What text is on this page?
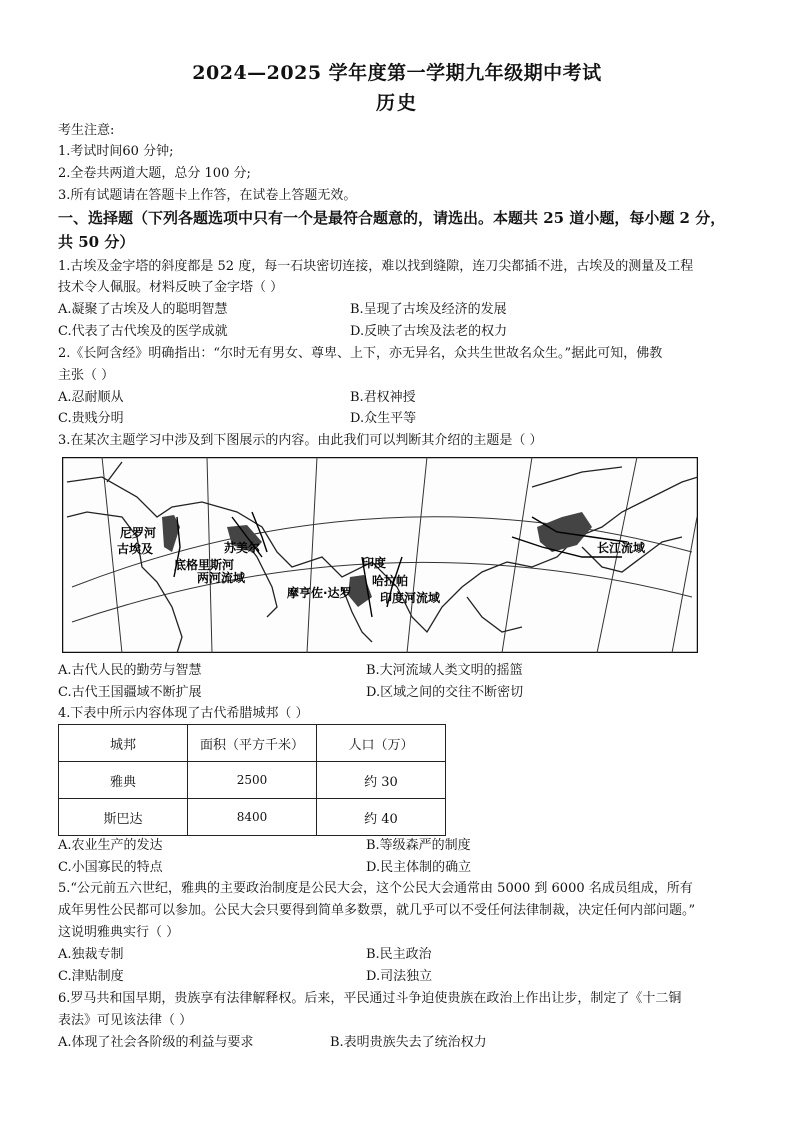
2024—2025 学年度第一学期九年级期中考试
历史
考生注意:
1.考试时间60 分钟;
2.全卷共两道大题，总分 100 分;
3.所有试题请在答题卡上作答，在试卷上答题无效。
一、选择题（下列各题选项中只有一个是最符合题意的，请选出。本题共 25 道小题，每小题 2 分，
共 50 分）
1.古埃及金字塔的斜度都是 52 度，每一石块密切连接，难以找到缝隙，连刀尖都插不进，古埃及的测量及工程
技术令人佩服。材料反映了金字塔（ ）
A.凝聚了古埃及人的聪明智慧	B.呈现了古埃及经济的发展
C.代表了古代埃及的医学成就	D.反映了古埃及法老的权力
2.《长阿含经》明确指出：“尔时无有男女、尊卑、上下，亦无异名，众共生世故名众生。”据此可知，佛教
主张（ ）
A.忍耐顺从	B.君权神授
C.贵贱分明	D.众生平等
3.在某次主题学习中涉及到下图展示的内容。由此我们可以判断其介绍的主题是（ ）
尼罗河
古埃及	苏美尔
底格里斯河
两河流域
印度
哈拉帕
摩亨佐·达罗 印度河流域
长江流域
A.古代人民的勤劳与智慧	B.大河流域人类文明的摇篮
C.古代王国疆域不断扩展	D.区域之间的交往不断密切
4.下表中所示内容体现了古代希腊城邦（ ）
城邦	面积（平方千米）	人口（万）
雅典	2500	约 30
斯巴达	8400	约 40
A.农业生产的发达	B.等级森严的制度
C.小国寡民的特点	D.民主体制的确立
5.“公元前五六世纪，雅典的主要政治制度是公民大会，这个公民大会通常由 5000 到 6000 名成员组成，所有
成年男性公民都可以参加。公民大会只要得到简单多数票，就几乎可以不受任何法律制裁，决定任何内部问题。”
这说明雅典实行（ ）
A.独裁专制	B.民主政治
C.津贴制度	D.司法独立
6.罗马共和国早期，贵族享有法律解释权。后来，平民通过斗争迫使贵族在政治上作出让步，制定了《十二铜
表法》可见该法律（ ）
A.体现了社会各阶级的利益与要求	B.表明贵族失去了统治权力
